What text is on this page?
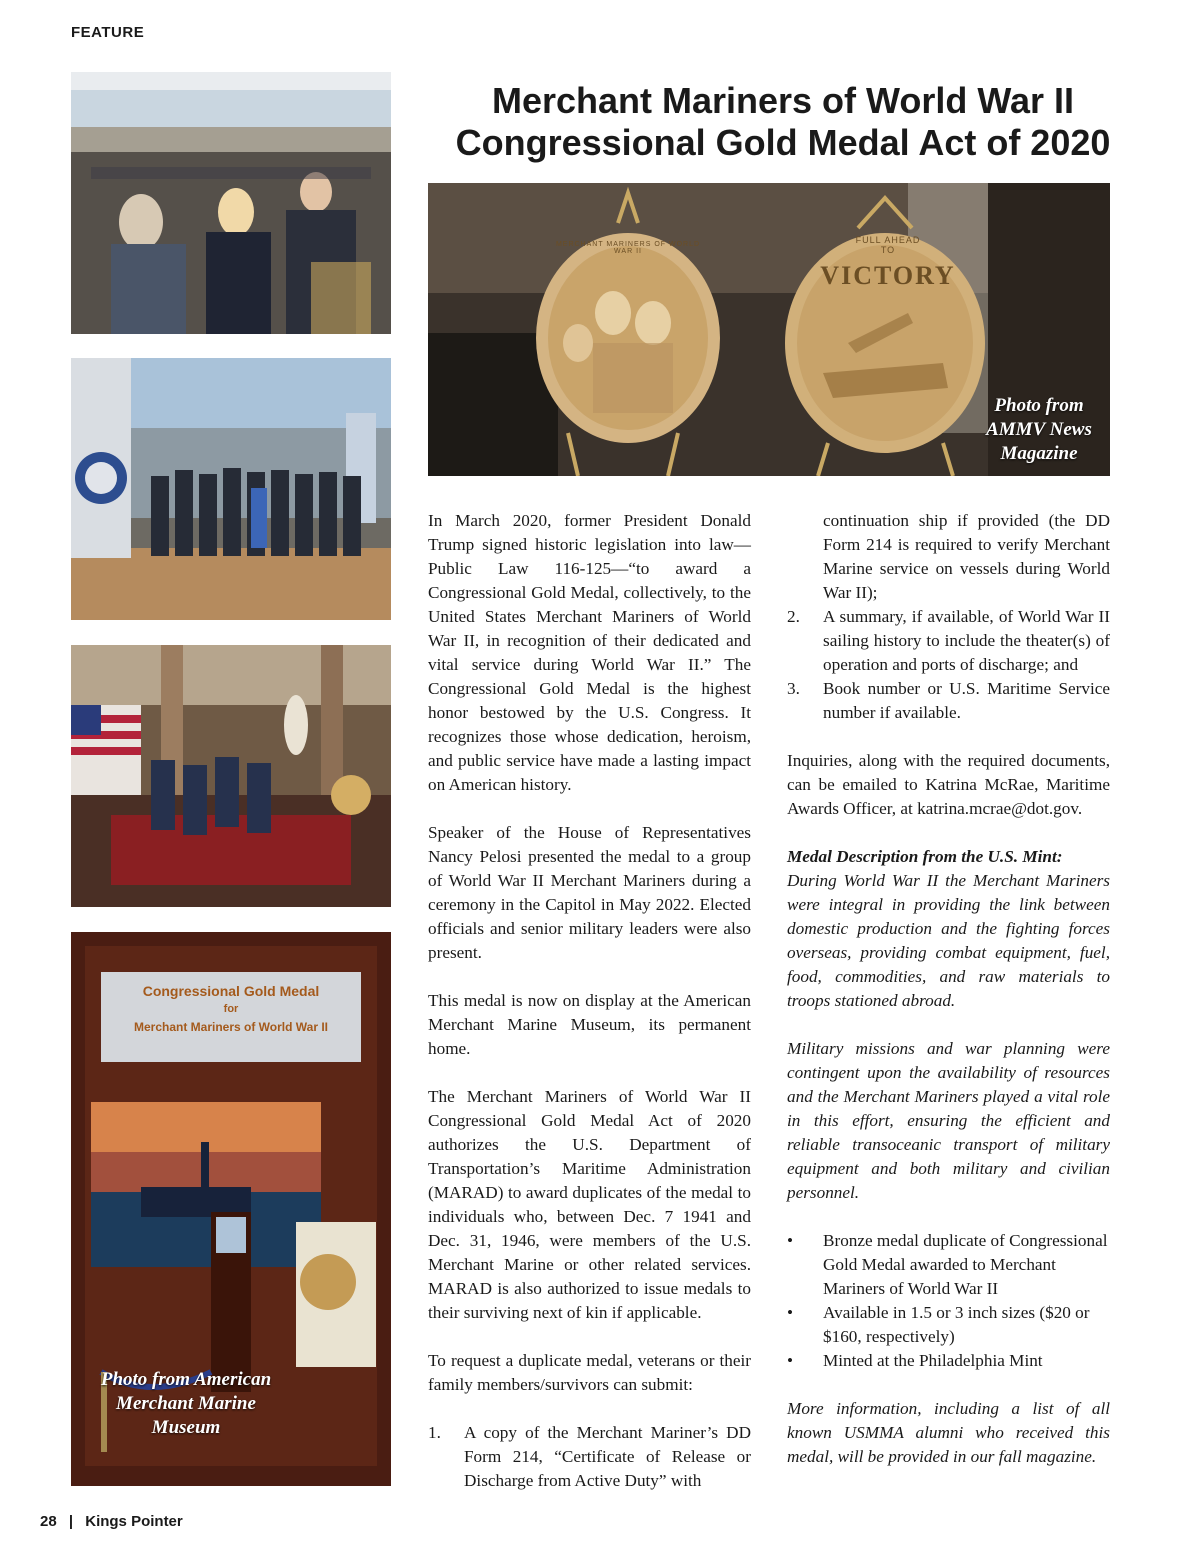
FEATURE
Merchant Mariners of World War II
Congressional Gold Medal Act of 2020
Congressional Gold Medal
for
Merchant Mariners of World War II
Photo from American
Merchant Marine
Museum
FULL AHEAD TO
VICTORY
MERCHANT MARINERS OF WORLD WAR II
Photo from
AMMV News
Magazine

In March 2020, former President Donald Trump signed historic legislation into law—Public Law 116-125—“to award a Congressional Gold Medal, collectively, to the United States Merchant Mariners of World War II, in recognition of their dedicated and vital service during World War II.” The Congressional Gold Medal is the highest honor bestowed by the U.S. Congress. It recognizes those whose dedication, heroism, and public service have made a lasting impact on American history.

Speaker of the House of Representatives Nancy Pelosi presented the medal to a group of World War II Merchant Mariners during a ceremony in the Capitol in May 2022. Elected officials and senior military leaders were also present.

This medal is now on display at the American Merchant Marine Museum, its permanent home.

The Merchant Mariners of World War II Congressional Gold Medal Act of 2020 authorizes the U.S. Department of Transportation’s Maritime Administration (MARAD) to award duplicates of the medal to individuals who, between Dec. 7 1941 and Dec. 31, 1946, were members of the U.S. Merchant Marine or other related services. MARAD is also authorized to issue medals to their surviving next of kin if applicable.

To request a duplicate medal, veterans or their family members/survivors can submit:

1. A copy of the Merchant Mariner’s DD Form 214, “Certificate of Release or Discharge from Active Duty” with
continuation ship if provided (the DD Form 214 is required to verify Merchant Marine service on vessels during World War II);
2. A summary, if available, of World War II sailing history to include the theater(s) of operation and ports of discharge; and
3. Book number or U.S. Maritime Service number if available.

Inquiries, along with the required documents, can be emailed to Katrina McRae, Maritime Awards Officer, at katrina.mcrae@dot.gov.

Medal Description from the U.S. Mint:

During World War II the Merchant Mariners were integral in providing the link between domestic production and the fighting forces overseas, providing combat equipment, fuel, food, commodities, and raw materials to troops stationed abroad.

Military missions and war planning were contingent upon the availability of resources and the Merchant Mariners played a vital role in this effort, ensuring the efficient and reliable transoceanic transport of military equipment and both military and civilian personnel.

• Bronze medal duplicate of Congressional Gold Medal awarded to Merchant Mariners of World War II
• Available in 1.5 or 3 inch sizes ($20 or $160, respectively)
• Minted at the Philadelphia Mint

More information, including a list of all known USMMA alumni who received this medal, will be provided in our fall magazine.

28 | Kings Pointer
